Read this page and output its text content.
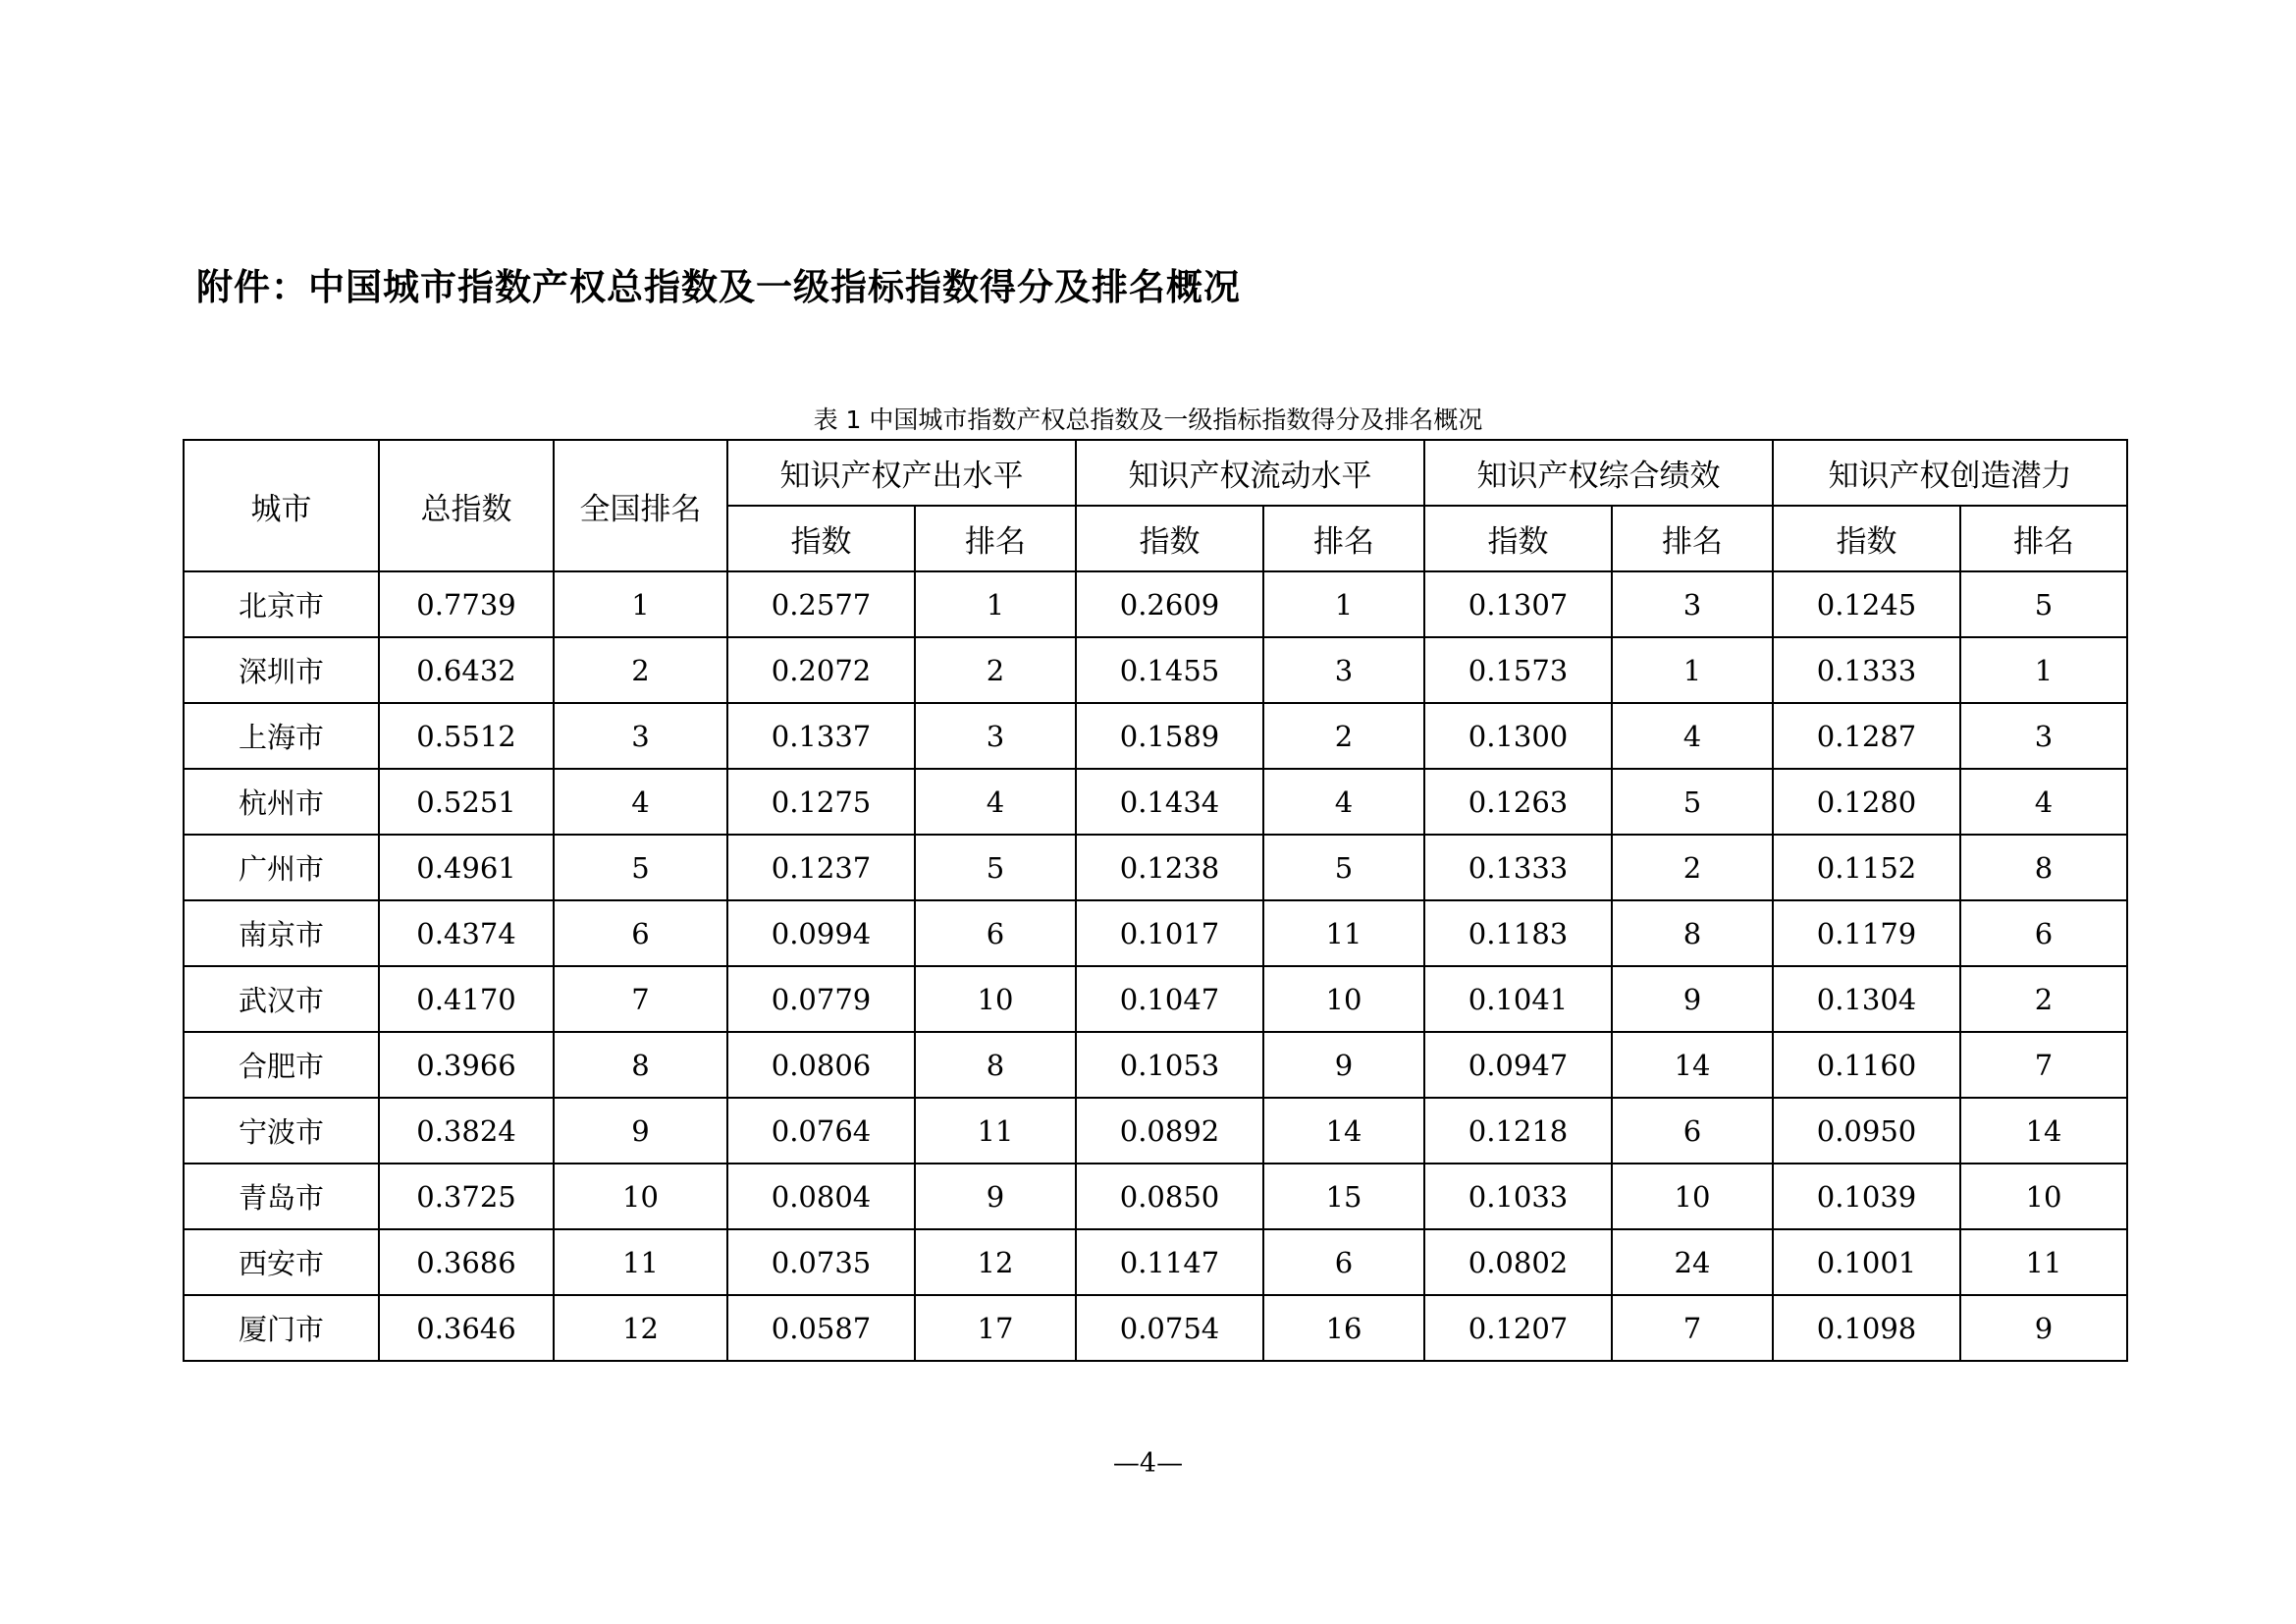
附件：中国城市指数产权总指数及一级指标指数得分及排名概况
表 1 中国城市指数产权总指数及一级指标指数得分及排名概况
城市	总指数	全国排名	知识产权产出水平		知识产权流动水平		知识产权综合绩效		知识产权创造潜力	
			指数	排名	指数	排名	指数	排名	指数	排名
北京市	0.7739	1	0.2577	1	0.2609	1	0.1307	3	0.1245	5
深圳市	0.6432	2	0.2072	2	0.1455	3	0.1573	1	0.1333	1
上海市	0.5512	3	0.1337	3	0.1589	2	0.1300	4	0.1287	3
杭州市	0.5251	4	0.1275	4	0.1434	4	0.1263	5	0.1280	4
广州市	0.4961	5	0.1237	5	0.1238	5	0.1333	2	0.1152	8
南京市	0.4374	6	0.0994	6	0.1017	11	0.1183	8	0.1179	6
武汉市	0.4170	7	0.0779	10	0.1047	10	0.1041	9	0.1304	2
合肥市	0.3966	8	0.0806	8	0.1053	9	0.0947	14	0.1160	7
宁波市	0.3824	9	0.0764	11	0.0892	14	0.1218	6	0.0950	14
青岛市	0.3725	10	0.0804	9	0.0850	15	0.1033	10	0.1039	10
西安市	0.3686	11	0.0735	12	0.1147	6	0.0802	24	0.1001	11
厦门市	0.3646	12	0.0587	17	0.0754	16	0.1207	7	0.1098	9
—4—
